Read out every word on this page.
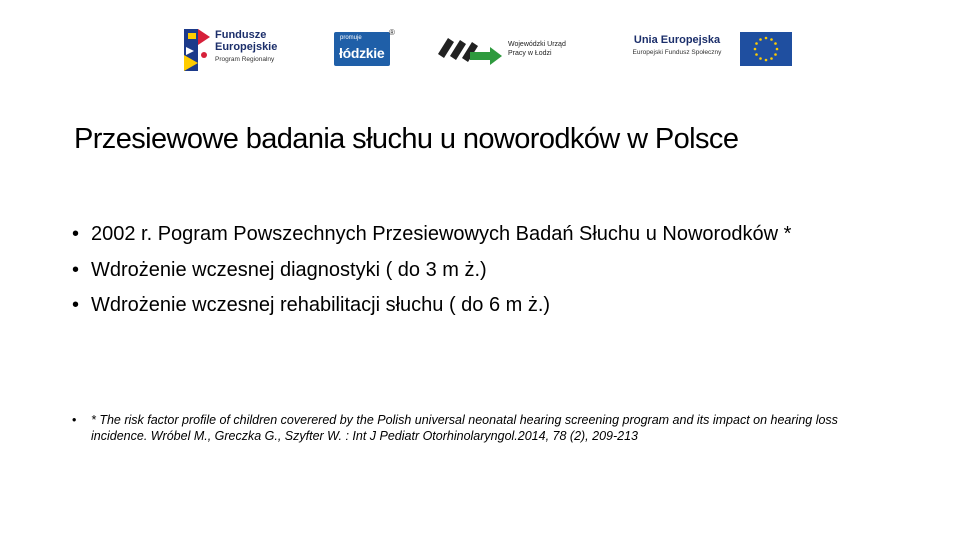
Fundusze
Europejskie
Program Regionalny
promuje
łódzkie
®
Wojewódzki Urząd
Pracy w Łodzi
Unia Europejska
Europejski Fundusz Społeczny
Przesiewowe badania słuchu u noworodków w Polsce
• 2002 r. Pogram Powszechnych Przesiewowych Badań Słuchu u Noworodków *
• Wdrożenie wczesnej diagnostyki ( do 3 m ż.)
• Wdrożenie wczesnej rehabilitacji słuchu ( do 6 m ż.)
• * The risk factor profile of children coverered by the Polish universal neonatal hearing screening program and its impact on hearing loss incidence. Wróbel M., Greczka G., Szyfter W. : Int J Pediatr Otorhinolaryngol.2014, 78 (2), 209-213
